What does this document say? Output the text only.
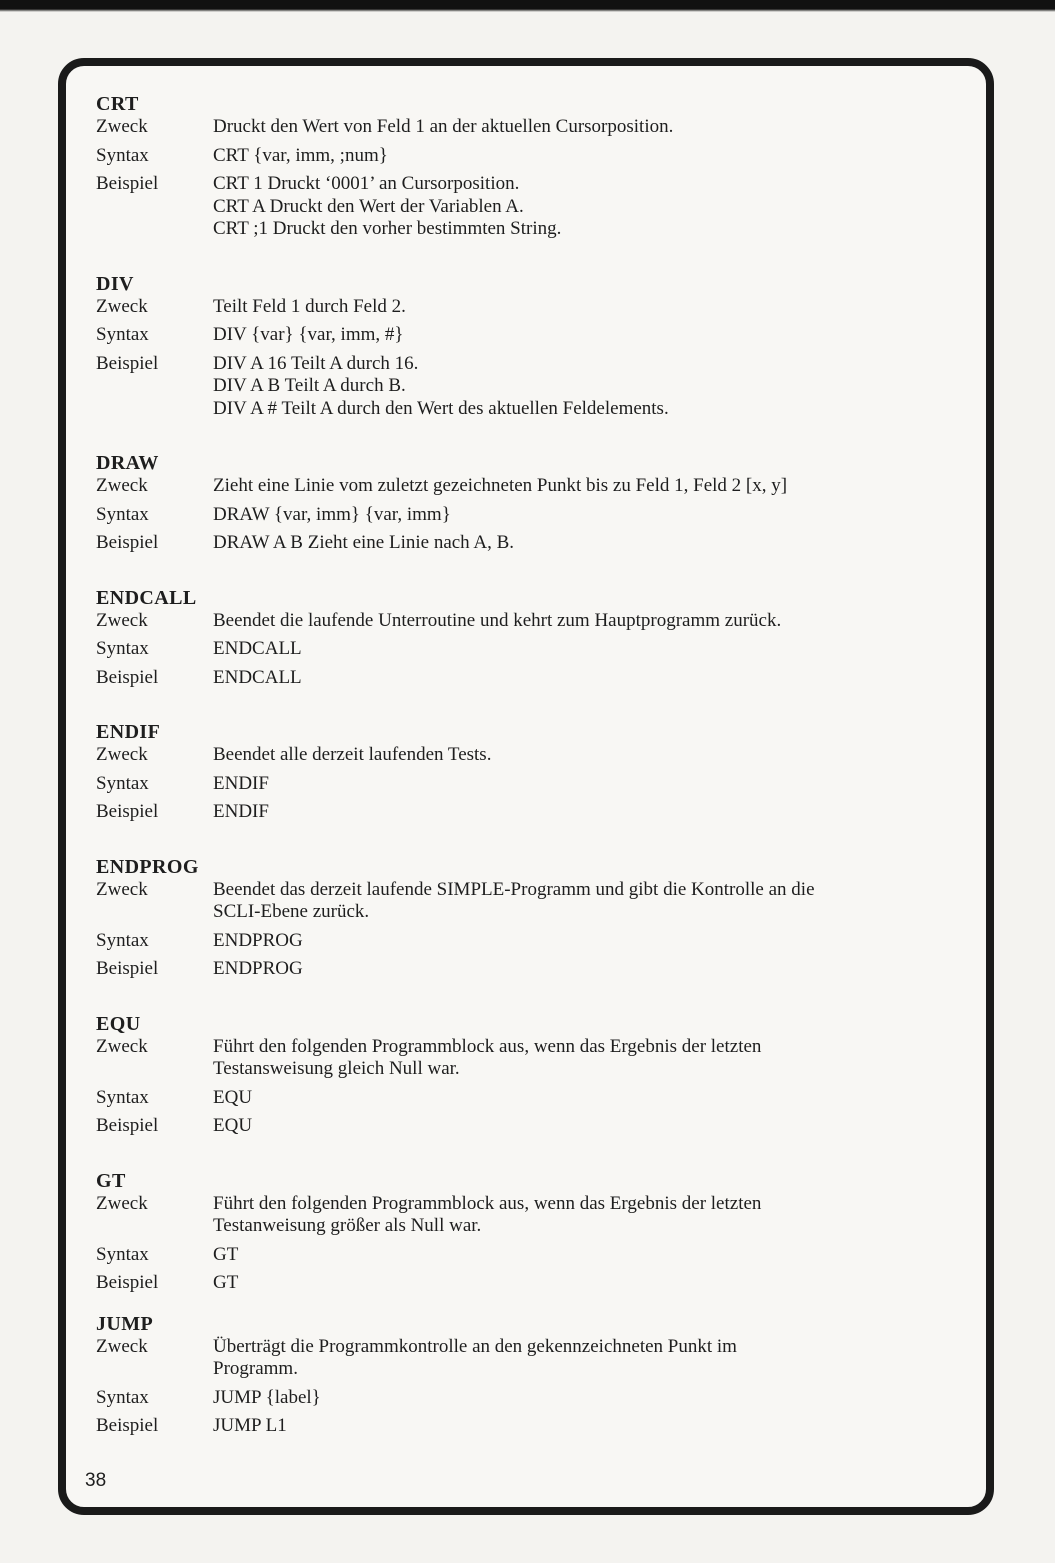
CRT
Zweck	Druckt den Wert von Feld 1 an der aktuellen Cursorposition.
Syntax	CRT {var, imm, ;num}
Beispiel	CRT 1 Druckt ‘0001’ an Cursorposition.
CRT A Druckt den Wert der Variablen A.
CRT ;1 Druckt den vorher bestimmten String.
DIV
Zweck	Teilt Feld 1 durch Feld 2.
Syntax	DIV {var} {var, imm, #}
Beispiel	DIV A 16 Teilt A durch 16.
DIV A B Teilt A durch B.
DIV A # Teilt A durch den Wert des aktuellen Feldelements.
DRAW
Zweck	Zieht eine Linie vom zuletzt gezeichneten Punkt bis zu Feld 1, Feld 2 [x, y]
Syntax	DRAW {var, imm} {var, imm}
Beispiel	DRAW A B Zieht eine Linie nach A, B.
ENDCALL
Zweck	Beendet die laufende Unterroutine und kehrt zum Hauptprogramm zurück.
Syntax	ENDCALL
Beispiel	ENDCALL
ENDIF
Zweck	Beendet alle derzeit laufenden Tests.
Syntax	ENDIF
Beispiel	ENDIF
ENDPROG
Zweck	Beendet das derzeit laufende SIMPLE-Programm und gibt die Kontrolle an die
SCLI-Ebene zurück.
Syntax	ENDPROG
Beispiel	ENDPROG
EQU
Zweck	Führt den folgenden Programmblock aus, wenn das Ergebnis der letzten
Testansweisung gleich Null war.
Syntax	EQU
Beispiel	EQU
GT
Zweck	Führt den folgenden Programmblock aus, wenn das Ergebnis der letzten
Testanweisung größer als Null war.
Syntax	GT
Beispiel	GT
JUMP
Zweck	Überträgt die Programmkontrolle an den gekennzeichneten Punkt im
Programm.
Syntax	JUMP {label}
Beispiel	JUMP L1
38
